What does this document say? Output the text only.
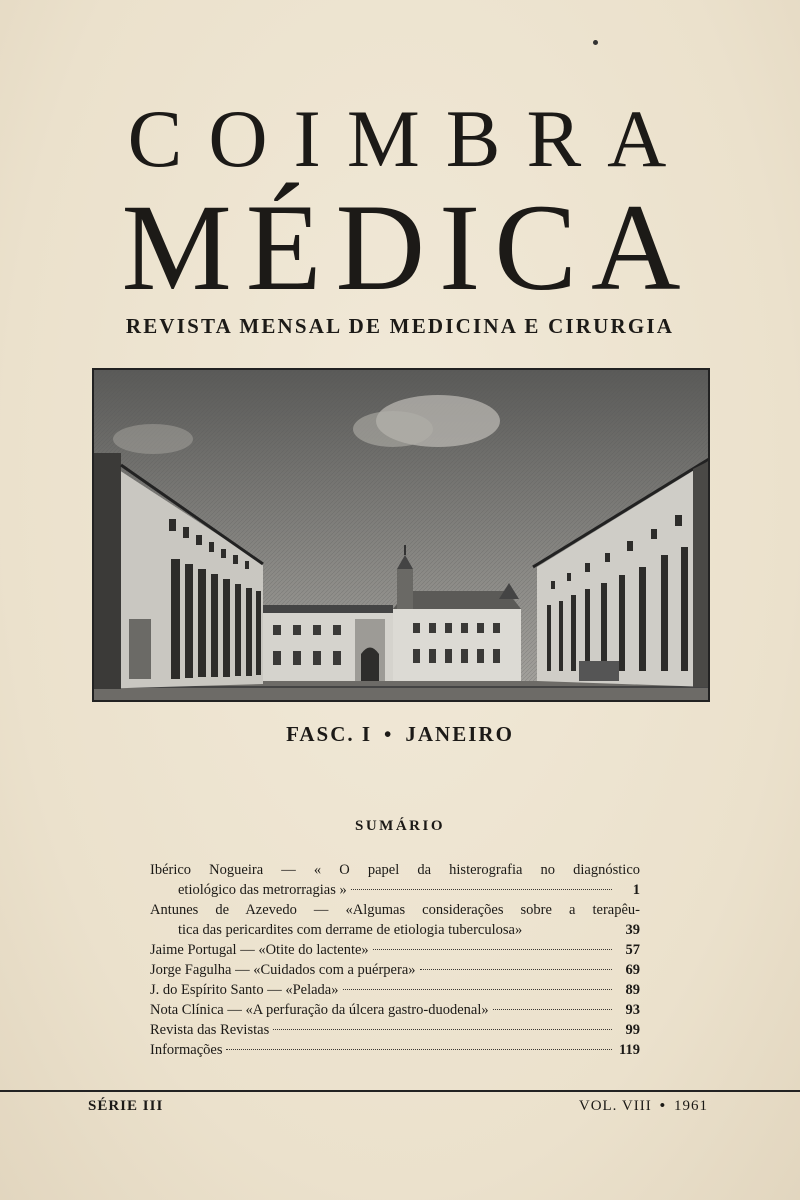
COIMBRA
MÉDICA
REVISTA MENSAL DE MEDICINA E CIRURGIA
FASC. I • JANEIRO
SUMÁRIO
Ibérico Nogueira — « O papel da histerografia no diagnóstico
etiológico das metrorragias »	1
Antunes de Azevedo — «Algumas considerações sobre a terapêu-
tica das pericardites com derrame de etiologia tuberculosa»	39
Jaime Portugal — «Otite do lactente»	57
Jorge Fagulha — «Cuidados com a puérpera»	69
J. do Espírito Santo — «Pelada»	89
Nota Clínica — «A perfuração da úlcera gastro-duodenal»	93
Revista das Revistas	99
Informações	119
SÉRIE III	VOL. VIII • 1961
